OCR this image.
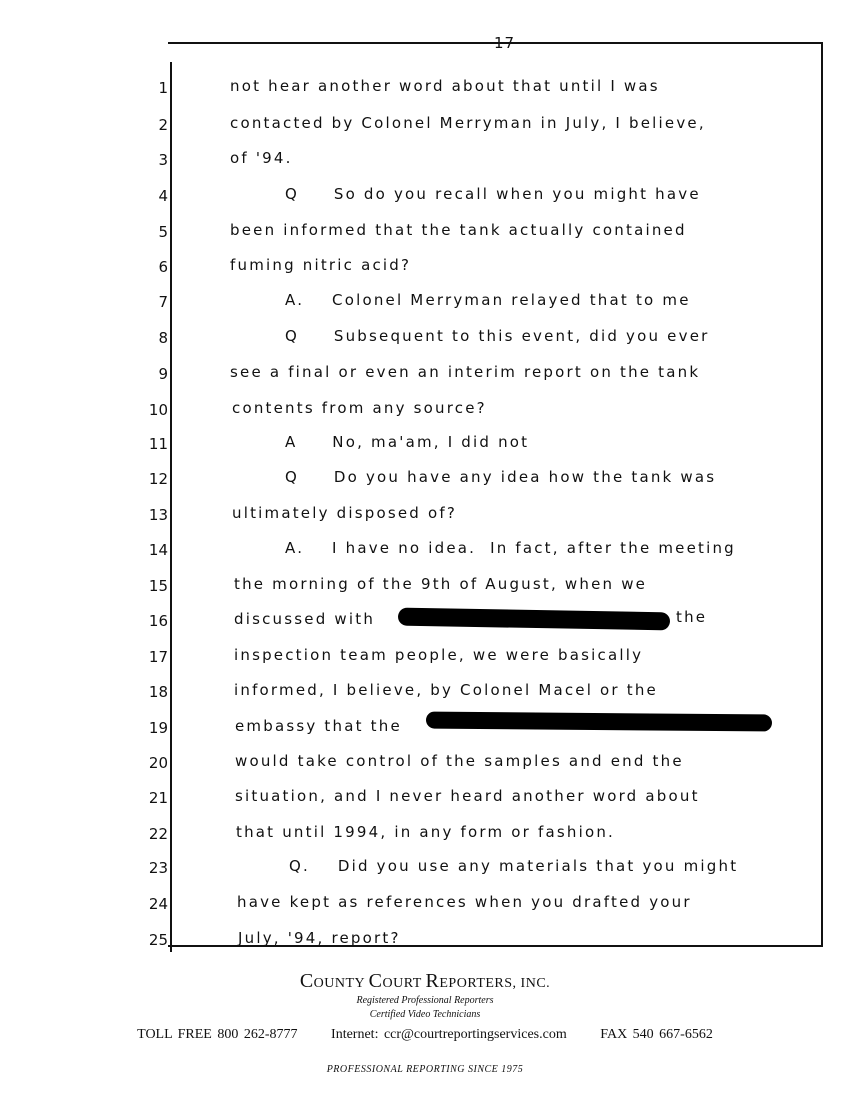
17
1	not hear another word about that until I was
2	contacted by Colonel Merryman in July, I believe,
3	of '94.
4	Q     So do you recall when you might have
5	been informed that the tank actually contained
6	fuming nitric acid?
7	A.    Colonel Merryman relayed that to me
8	Q     Subsequent to this event, did you ever
9	see a final or even an interim report on the tank
10	contents from any source?
11	A     No, ma'am, I did not
12	Q     Do you have any idea how the tank was
13	ultimately disposed of?
14	A.    I have no idea.  In fact, after the meeting
15	the morning of the 9th of August, when we
16	discussed with
17	inspection team people, we were basically
18	informed, I believe, by Colonel Macel or the
19	embassy that the
20	would take control of the samples and end the
21	situation, and I never heard another word about
22	that until 1994, in any form or fashion.
23	Q.    Did you use any materials that you might
24	have kept as references when you drafted your
25	July, '94, report?
the
COUNTY COURT REPORTERS, INC.
Registered Professional Reporters
Certified Video Technicians
TOLL FREE 800 262-8777 Internet: ccr@courtreportingservices.com FAX 540 667-6562
PROFESSIONAL REPORTING SINCE 1975
